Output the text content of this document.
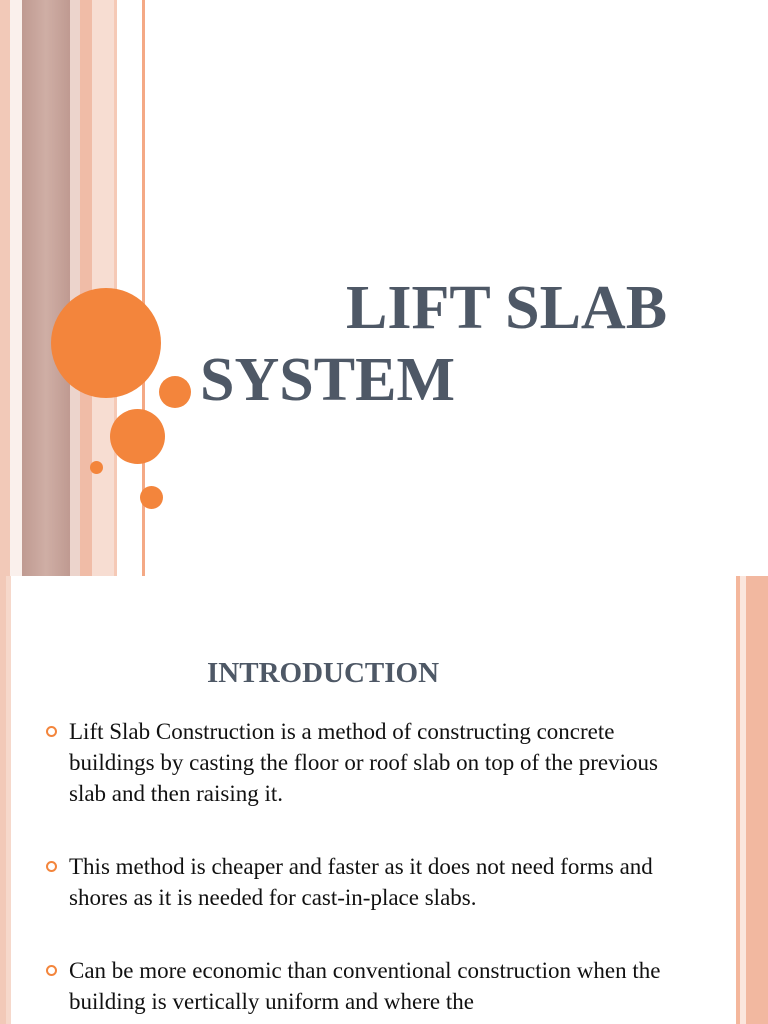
LIFT SLAB
SYSTEM
INTRODUCTION
Lift Slab Construction is a method of constructing concrete buildings by casting the floor or roof slab on top of the previous slab and then raising it.
This method is cheaper and faster as it does not need forms and shores as it is needed for cast-in-place slabs.
Can be more economic than conventional construction when the building is vertically uniform and where the
